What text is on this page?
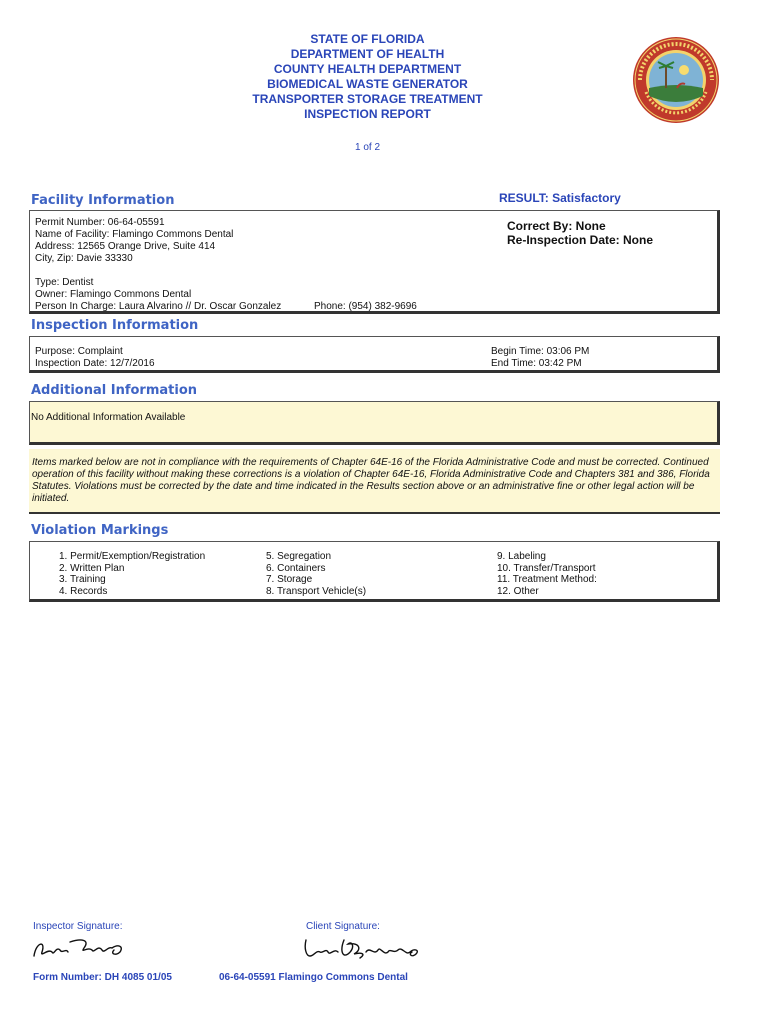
STATE OF FLORIDA
DEPARTMENT OF HEALTH
COUNTY HEALTH DEPARTMENT
BIOMEDICAL WASTE GENERATOR
TRANSPORTER STORAGE TREATMENT
INSPECTION REPORT
1 of 2
Facility Information	RESULT: Satisfactory
Permit Number: 06-64-05591
Name of Facility: Flamingo Commons Dental
Address: 12565 Orange Drive, Suite 414
City, Zip: Davie 33330
Type: Dentist
Owner: Flamingo Commons Dental
Person In Charge: Laura Alvarino // Dr. Oscar Gonzalez	Phone: (954) 382-9696
Correct By: None
Re-Inspection Date: None
Inspection Information
Purpose: Complaint
Inspection Date: 12/7/2016
Begin Time: 03:06 PM
End Time: 03:42 PM
Additional Information
No Additional Information Available
Items marked below are not in compliance with the requirements of Chapter 64E-16 of the Florida Administrative Code and must be corrected. Continued operation of this facility without making these corrections is a violation of Chapter 64E-16, Florida Administrative Code and Chapters 381 and 386, Florida Statutes. Violations must be corrected by the date and time indicated in the Results section above or an administrative fine or other legal action will be initiated.
Violation Markings
1. Permit/Exemption/Registration
2. Written Plan
3. Training
4. Records
5. Segregation
6. Containers
7. Storage
8. Transport Vehicle(s)
9. Labeling
10. Transfer/Transport
11. Treatment Method:
12. Other
Inspector Signature:	Client Signature:
Form Number: DH 4085 01/05	06-64-05591 Flamingo Commons Dental
